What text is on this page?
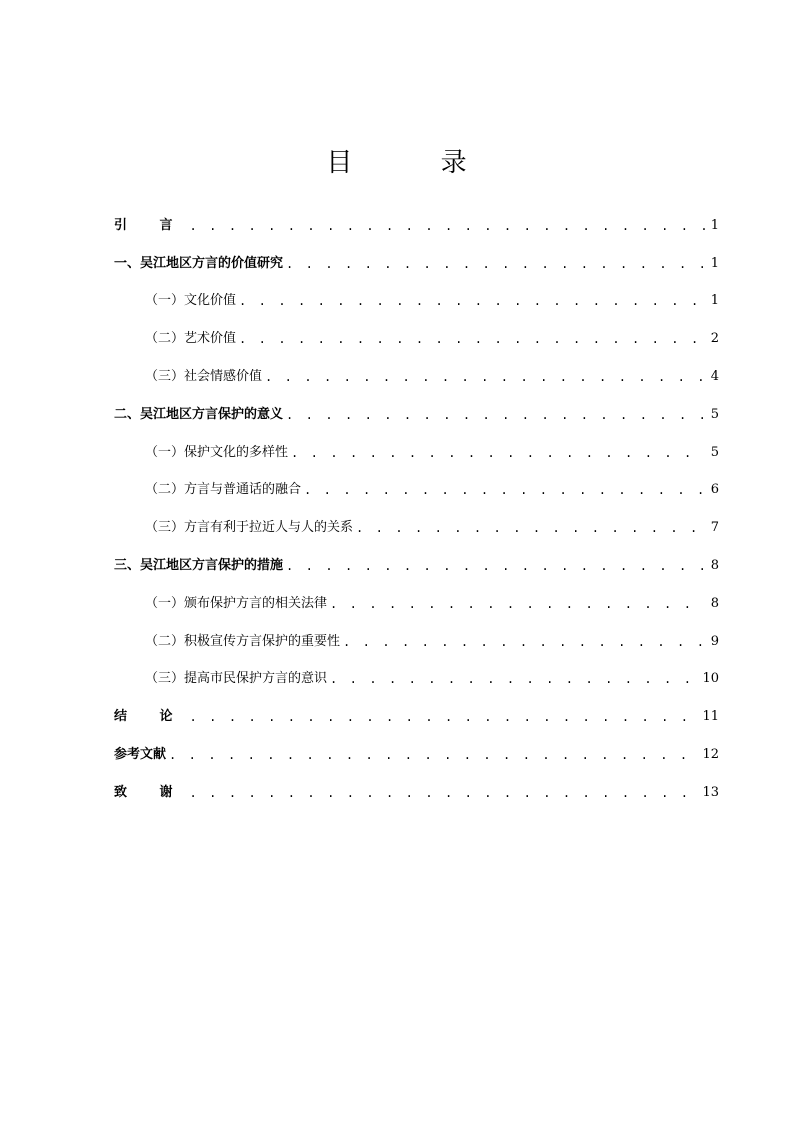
目 录
引 言 . . .	1
一、吴江地区方言的价值研究 . . .	1
（一）文化价值 . . .	1
（二）艺术价值 . . .	2
（三）社会情感价值 . . .	4
二、吴江地区方言保护的意义 . . .	5
（一）保护文化的多样性 . . .	5
（二）方言与普通话的融合 . . .	6
（三）方言有利于拉近人与人的关系 . . .	7
三、吴江地区方言保护的措施 . . .	8
（一）颁布保护方言的相关法律 . . .	8
（二）积极宣传方言保护的重要性 . . .	9
（三）提高市民保护方言的意识 . . .	10
结 论 . . .	11
参考文献 . . .	12
致 谢 . . .	13
